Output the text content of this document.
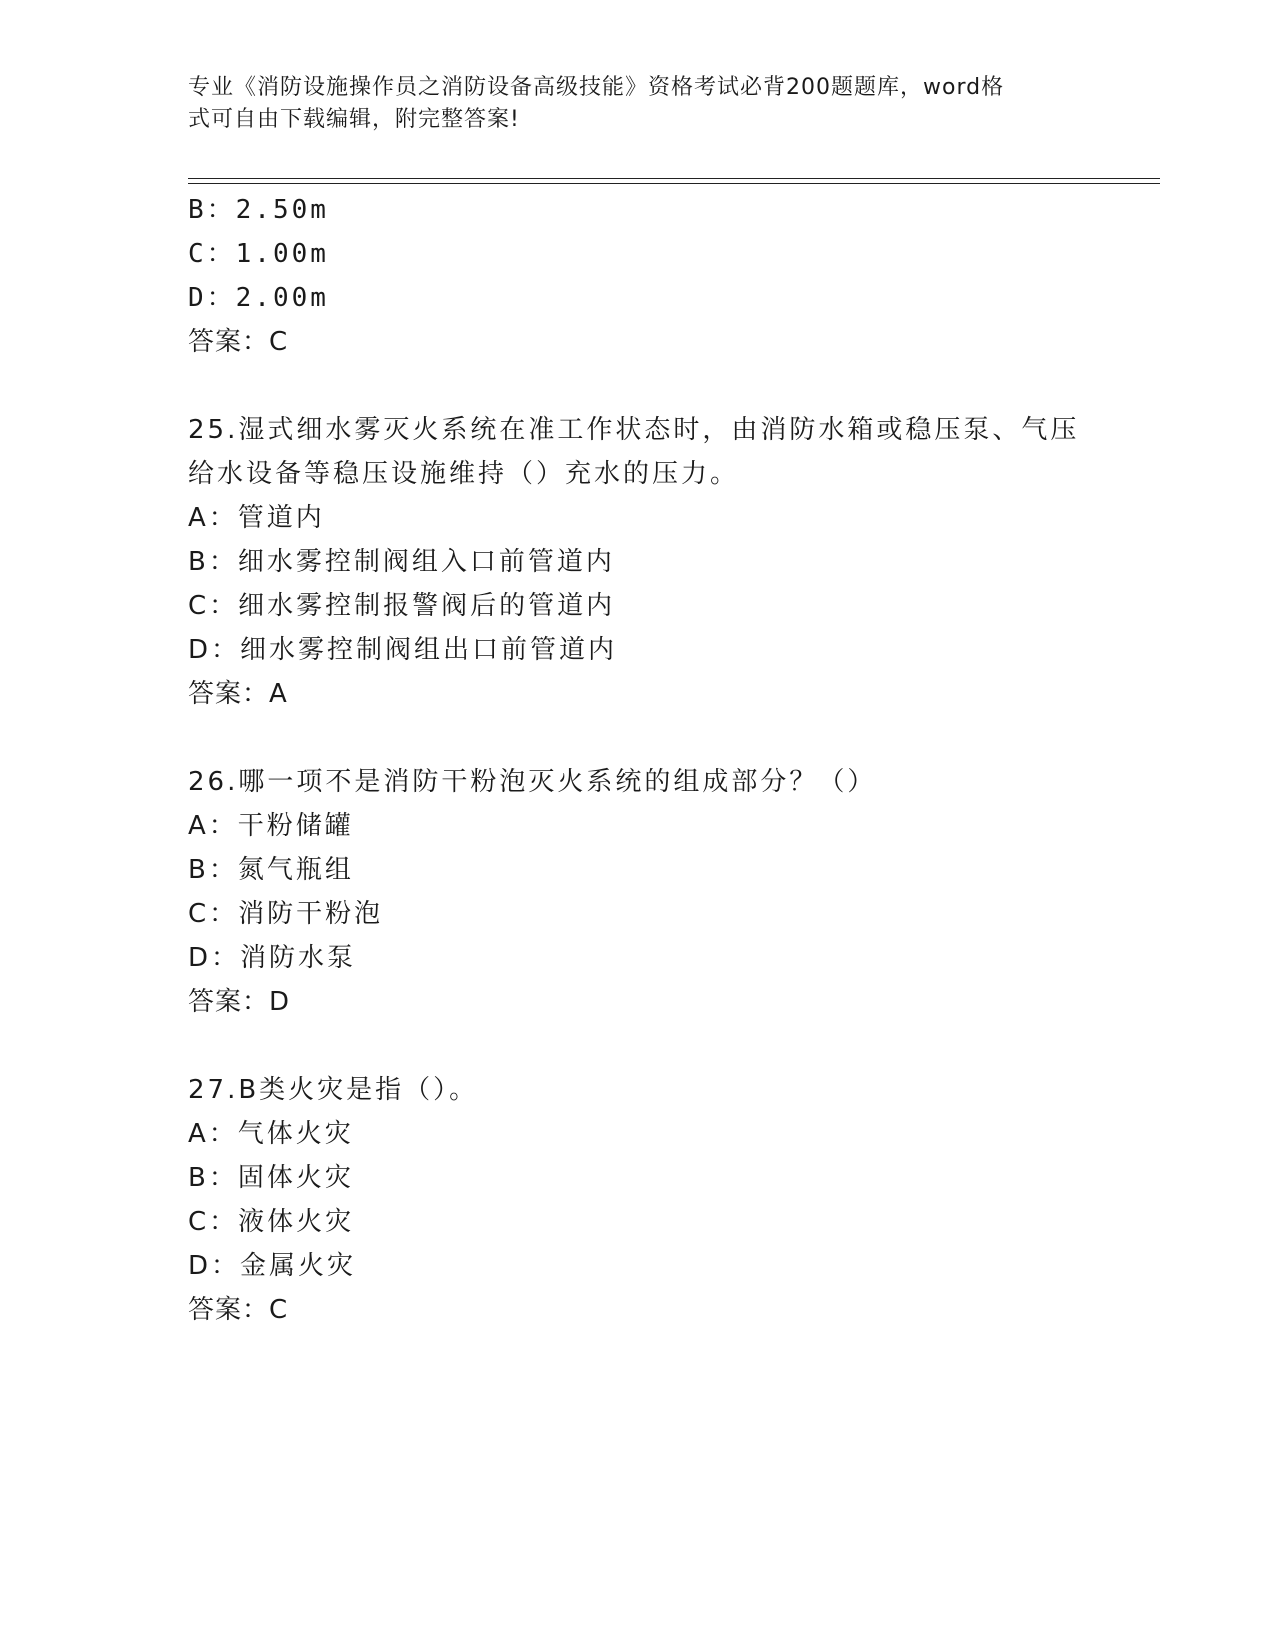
专业《消防设施操作员之消防设备高级技能》资格考试必背200题题库，word格
式可自由下载编辑，附完整答案!
B：2.50m
C：1.00m
D：2.00m
答案：C
25.湿式细水雾灭火系统在准工作状态时，由消防水箱或稳压泵、气压
给水设备等稳压设施维持（）充水的压力。
A：管道内
B：细水雾控制阀组入口前管道内
C：细水雾控制报警阀后的管道内
D：细水雾控制阀组出口前管道内
答案：A
26.哪一项不是消防干粉泡灭火系统的组成部分？（）
A：干粉储罐
B：氮气瓶组
C：消防干粉泡
D：消防水泵
答案：D
27.B类火灾是指（）。
A：气体火灾
B：固体火灾
C：液体火灾
D：金属火灾
答案：C
